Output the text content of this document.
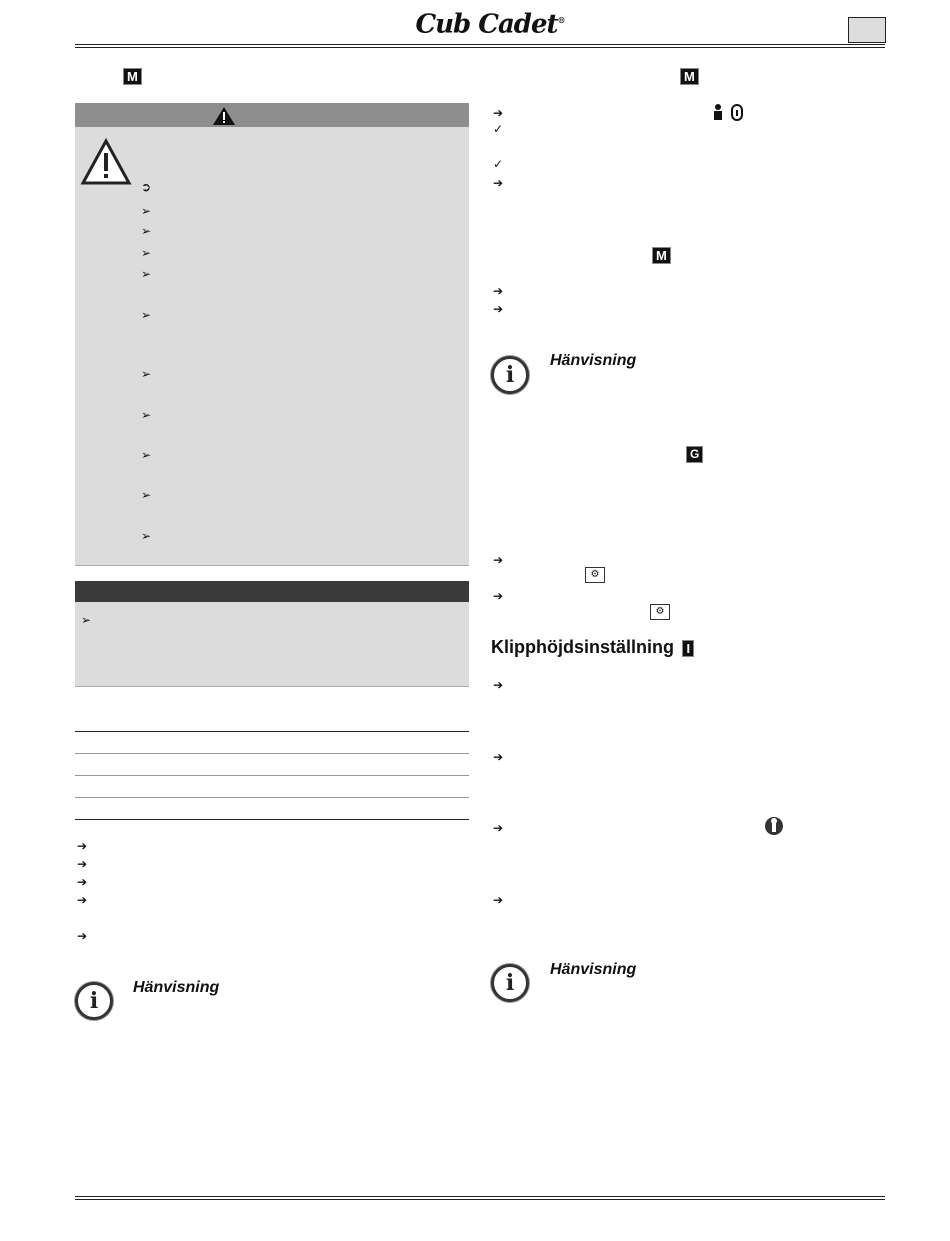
Cub Cadet®
M
➲
➢
➢
➢
➢
➢
➢
➢
➢
➢
➢
➢
➔
➔
➔
➔
➔
i
Hänvisning
M
➔
✓
✓
➔
M
➔
➔
i
Hänvisning
G
➔
⚙
➔
⚙
Klipphöjdsinställning I
➔
➔
➔
➔
i
Hänvisning
